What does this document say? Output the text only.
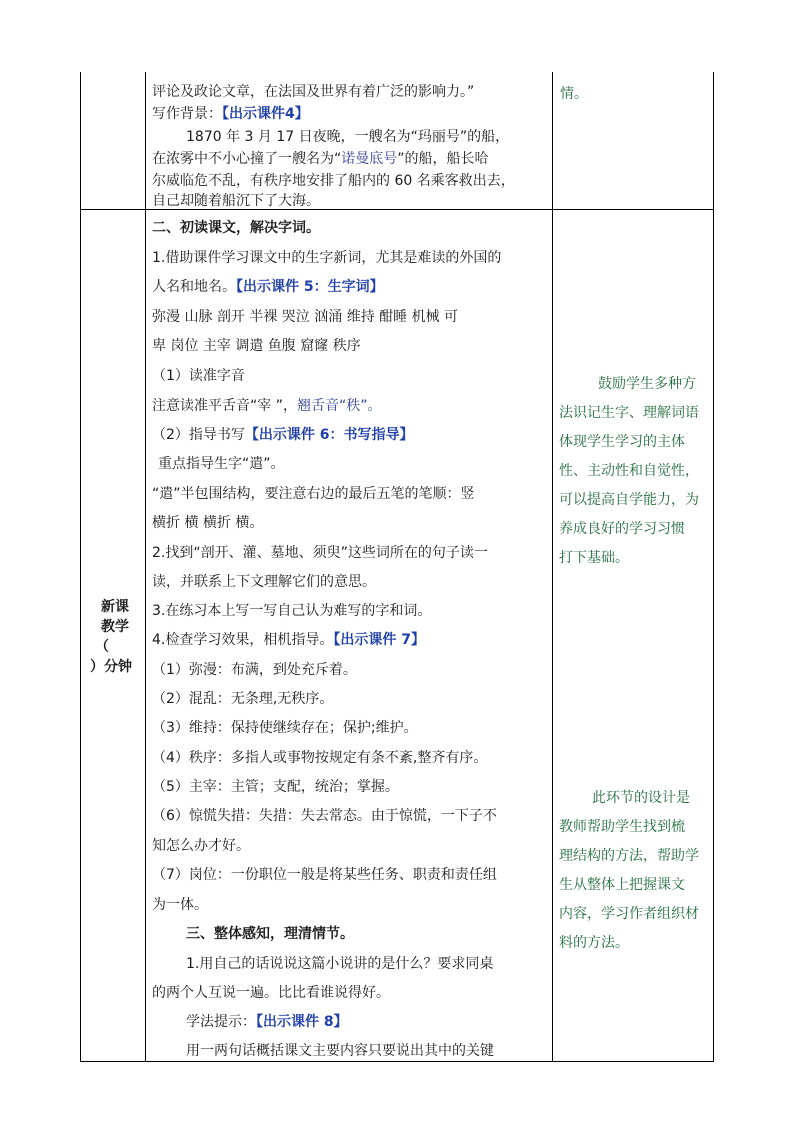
评论及政论文章，在法国及世界有着广泛的影响力。”
写作背景：【出示课件4】
1870 年 3 月 17 日夜晚，一艘名为“玛丽号”的船，
在浓雾中不小心撞了一艘名为“诺曼底号”的船，船长哈
尔威临危不乱，有秩序地安排了船内的 60 名乘客救出去，
自己却随着船沉下了大海。
情。
新课
教学
（
）分钟
二、初读课文，解决字词。
1.借助课件学习课文中的生字新词，尤其是难读的外国的
人名和地名。【出示课件 5：生字词】
弥漫 山脉 剖开 半裸 哭泣 汹涌 维持 酣睡 机械 可
卑 岗位 主宰 调遣 鱼腹 窟窿 秩序
（1）读准字音
注意读准平舌音“宰 ”，翘舌音“秩”。
（2）指导书写【出示课件 6：书写指导】
重点指导生字“遣”。
“遣”半包围结构，要注意右边的最后五笔的笔顺：竖
横折 横 横折 横。
2.找到“剖开、灌、墓地、须臾”这些词所在的句子读一
读，并联系上下文理解它们的意思。
3.在练习本上写一写自己认为难写的字和词。
4.检查学习效果，相机指导。【出示课件 7】
（1）弥漫：布满，到处充斥着。
（2）混乱：无条理,无秩序。
（3）维持：保持使继续存在；保护;维护。
（4）秩序：多指人或事物按规定有条不紊,整齐有序。
（5）主宰：主管；支配，统治；掌握。
（6）惊慌失措：失措：失去常态。由于惊慌，一下子不
知怎么办才好。
（7）岗位：一份职位一般是将某些任务、职责和责任组
为一体。
三、整体感知，理清情节。
1.用自己的话说说这篇小说讲的是什么？要求同桌
的两个人互说一遍。比比看谁说得好。
学法提示：【出示课件 8】
用一两句话概括课文主要内容只要说出其中的关键
鼓励学生多种方
法识记生字、理解词语
体现学生学习的主体
性、主动性和自觉性，
可以提高自学能力，为
养成良好的学习习惯
打下基础。
此环节的设计是
教师帮助学生找到梳
理结构的方法，帮助学
生从整体上把握课文
内容，学习作者组织材
料的方法。
